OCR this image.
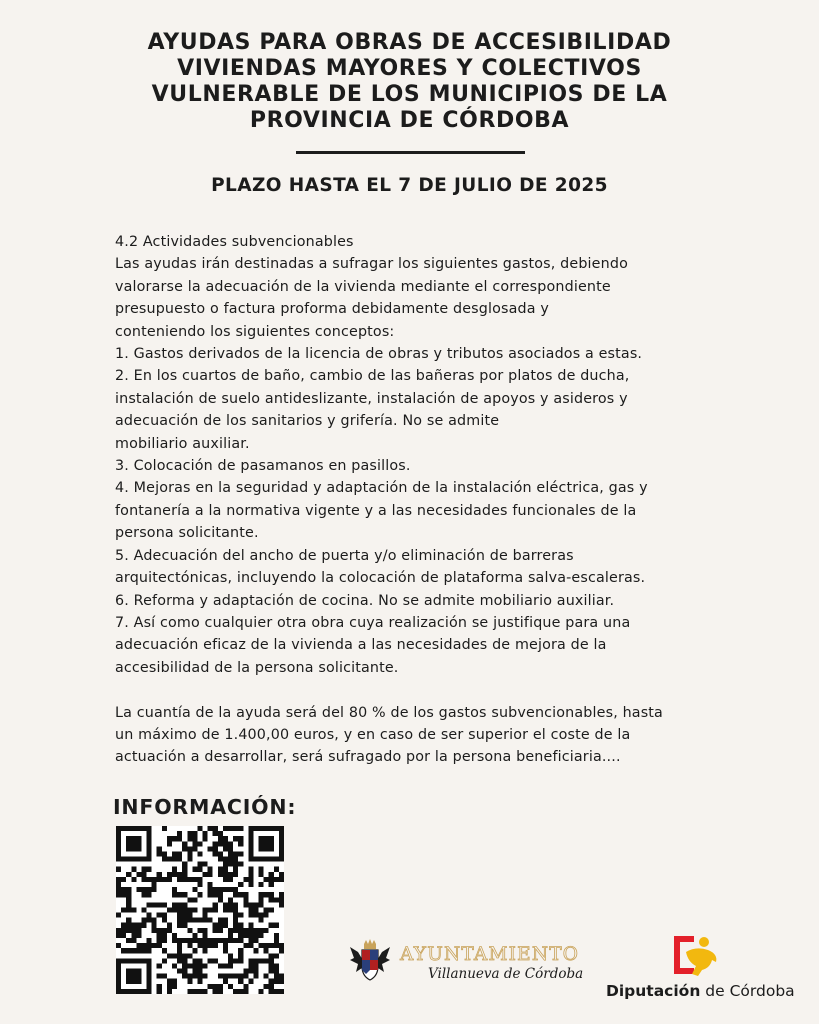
AYUDAS PARA OBRAS DE ACCESIBILIDAD
VIVIENDAS MAYORES Y COLECTIVOS
VULNERABLE DE LOS MUNICIPIOS DE LA
PROVINCIA DE CÓRDOBA
PLAZO HASTA EL 7 DE JULIO DE 2025
4.2 Actividades subvencionables
Las ayudas irán destinadas a sufragar los siguientes gastos, debiendo
valorarse la adecuación de la vivienda mediante el correspondiente
presupuesto o factura proforma debidamente desglosada y
conteniendo los siguientes conceptos:
1. Gastos derivados de la licencia de obras y tributos asociados a estas.
2. En los cuartos de baño, cambio de las bañeras por platos de ducha,
instalación de suelo antideslizante, instalación de apoyos y asideros y
adecuación de los sanitarios y grifería. No se admite
mobiliario auxiliar.
3. Colocación de pasamanos en pasillos.
4. Mejoras en la seguridad y adaptación de la instalación eléctrica, gas y
fontanería a la normativa vigente y a las necesidades funcionales de la
persona solicitante.
5. Adecuación del ancho de puerta y/o eliminación de barreras
arquitectónicas, incluyendo la colocación de plataforma salva-escaleras.
6. Reforma y adaptación de cocina. No se admite mobiliario auxiliar.
7. Así como cualquier otra obra cuya realización se justifique para una
adecuación eficaz de la vivienda a las necesidades de mejora de la
accesibilidad de la persona solicitante.
La cuantía de la ayuda será del 80 % de los gastos subvencionables, hasta
un máximo de 1.400,00 euros, y en caso de ser superior el coste de la
actuación a desarrollar, será sufragado por la persona beneficiaria....
INFORMACIÓN:
AYUNTAMIENTO
Villanueva de Córdoba
Diputación de Córdoba
